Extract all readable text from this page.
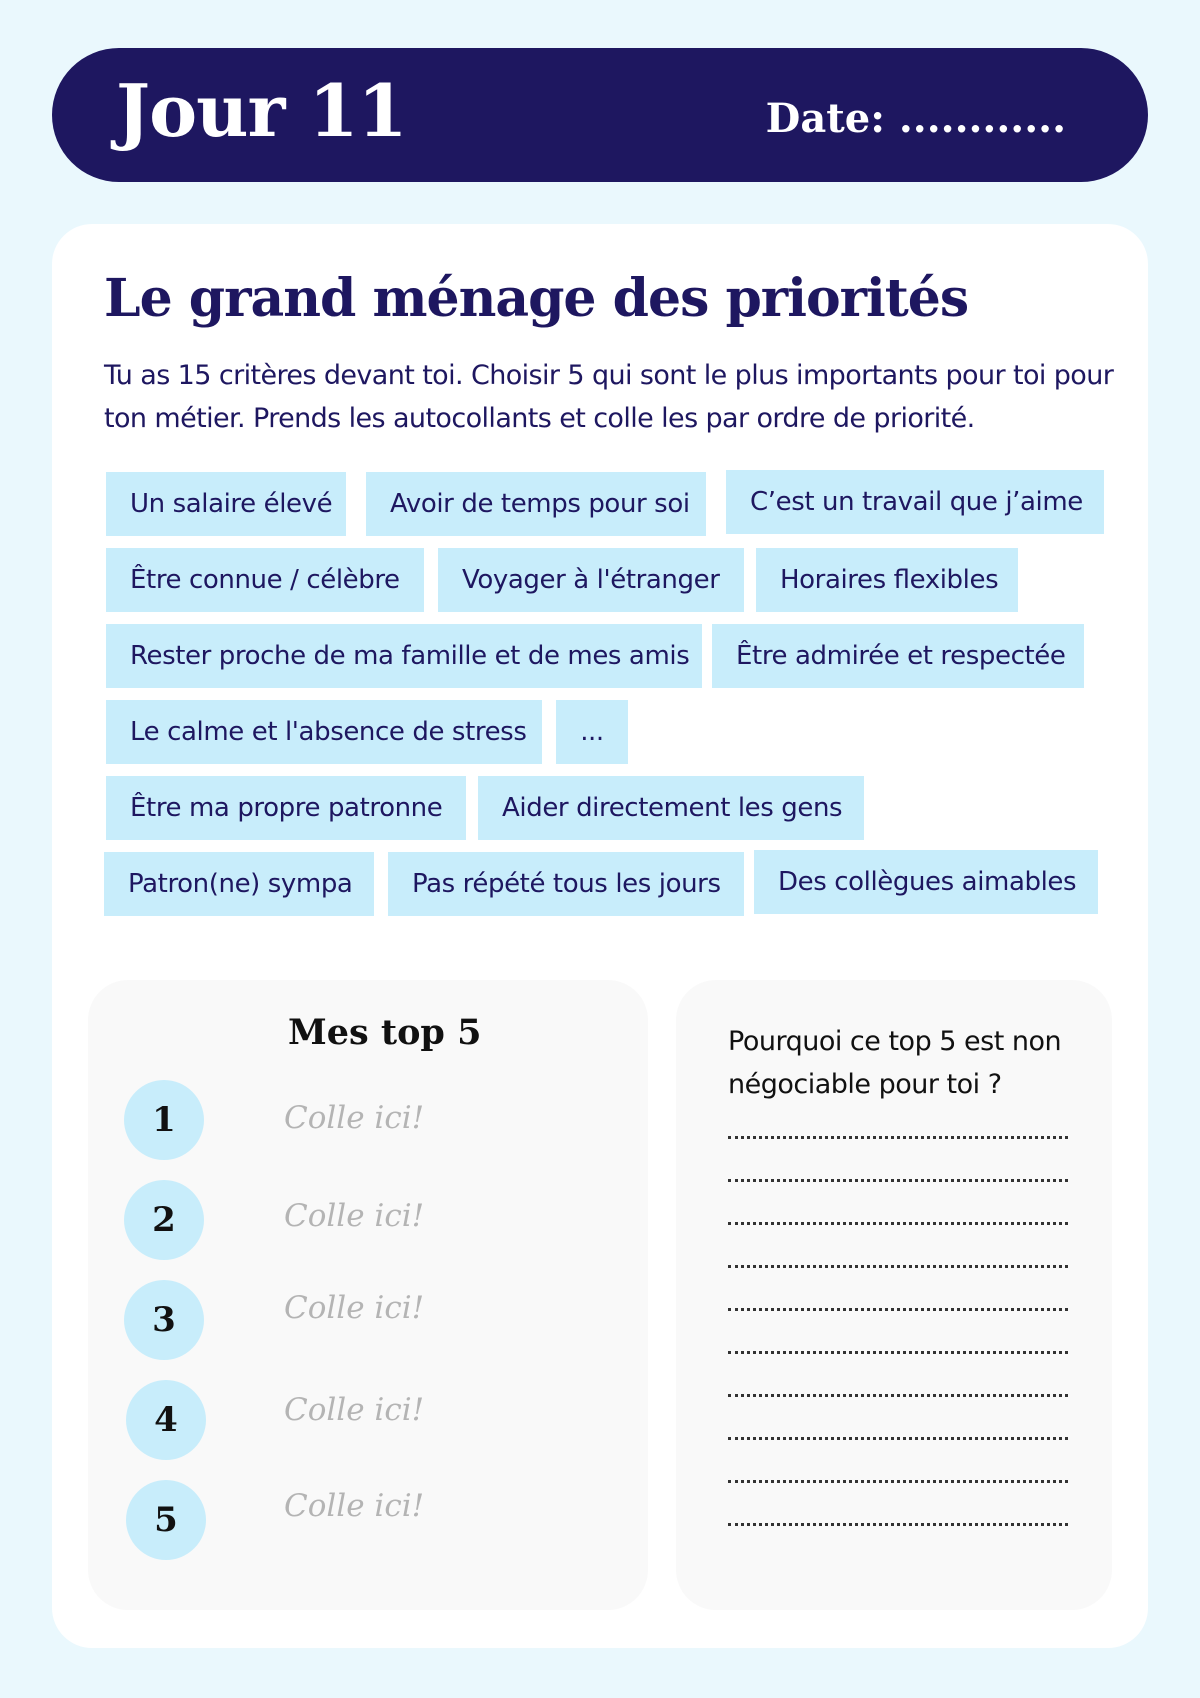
Jour 11	Date: ............
Le grand ménage des priorités
Tu as 15 critères devant toi. Choisir 5 qui sont le plus importants pour toi pour ton métier. Prends les autocollants et colle les par ordre de priorité.
Un salaire élevé	Avoir de temps pour soi	C’est un travail que j’aime
Être connue / célèbre	Voyager à l'étranger	Horaires ﬂexibles
Rester proche de ma famille et de mes amis	Être admirée et respectée
Le calme et l'absence de stress	...
Être ma propre patronne	Aider directement les gens
Patron(ne) sympa	Pas répété tous les jours	Des collègues aimables
Mes top 5
1	Colle ici!
2	Colle ici!
3	Colle ici!
4	Colle ici!
5	Colle ici!
Pourquoi ce top 5 est non négociable pour toi ?
